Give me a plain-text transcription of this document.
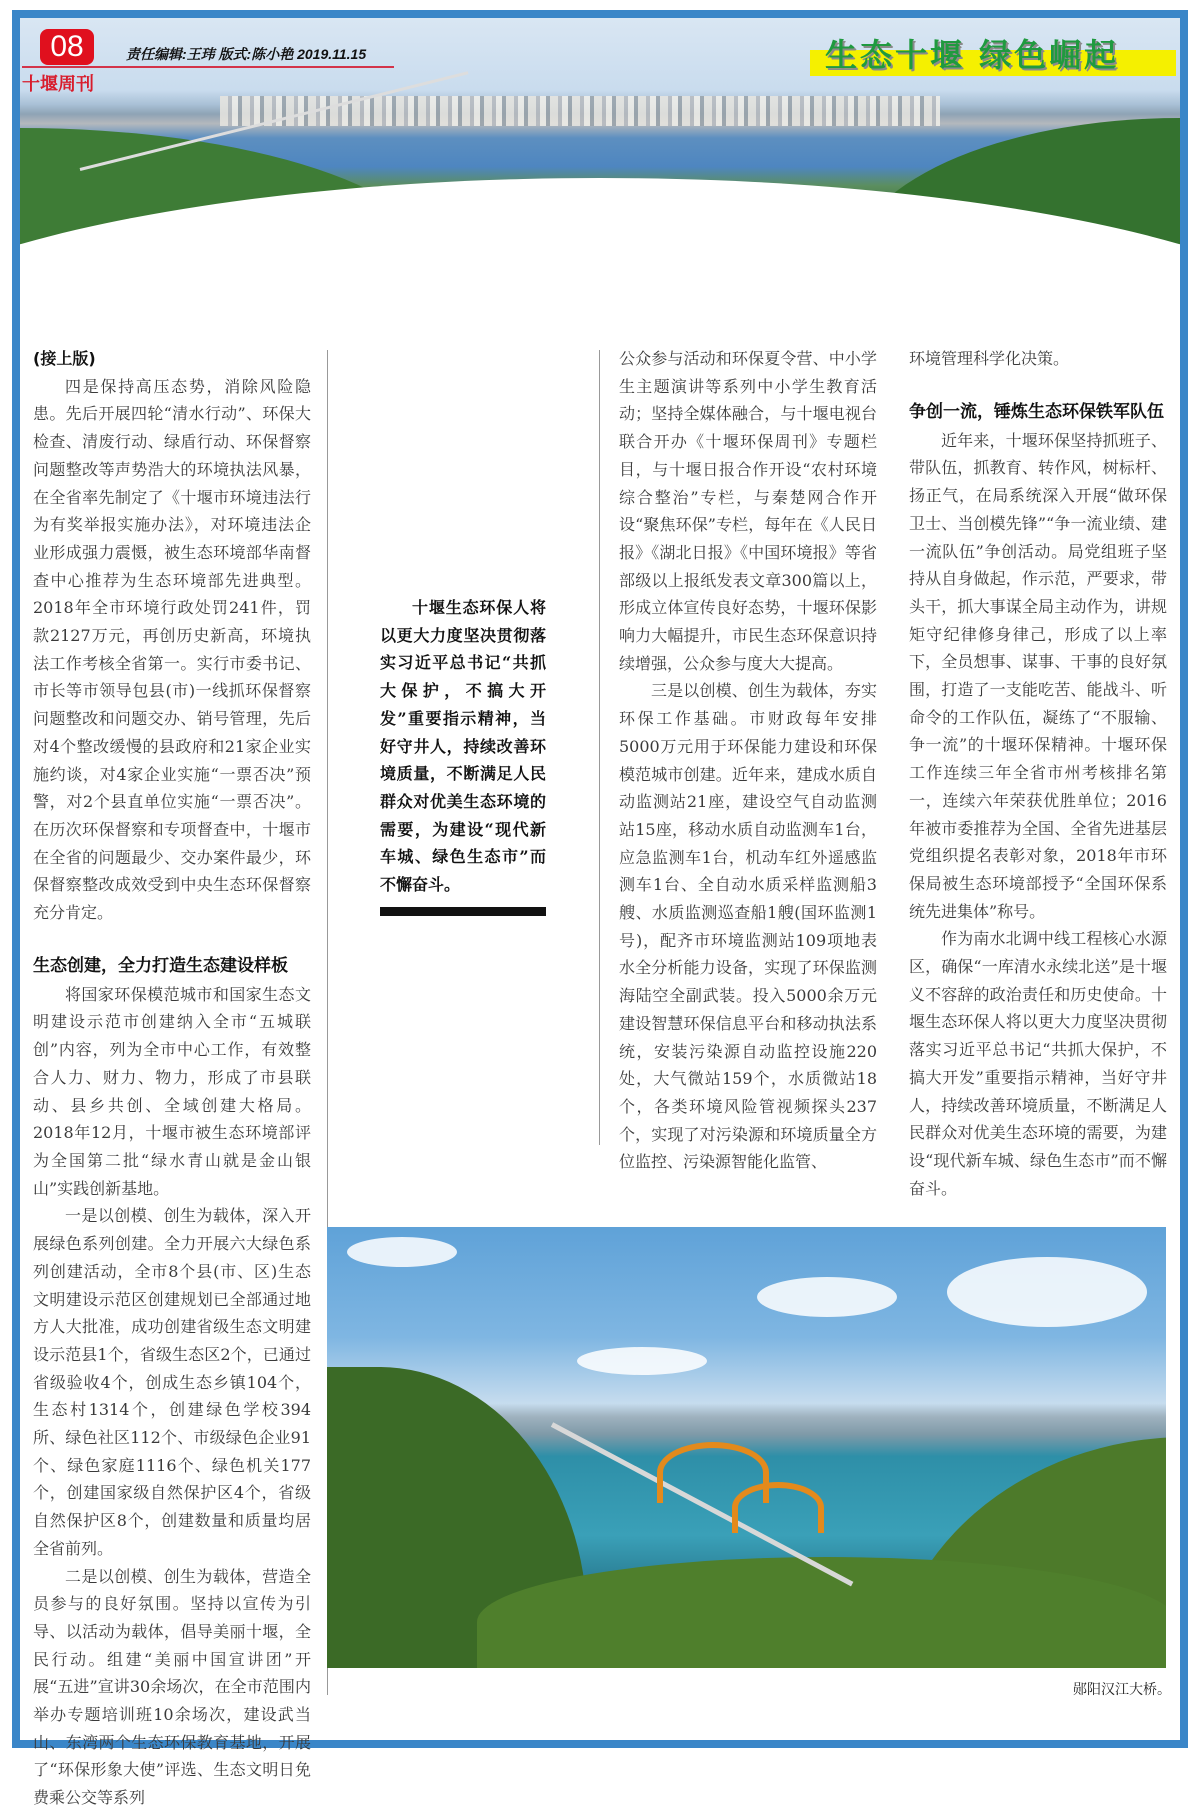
08
十堰周刊
责任编辑:王玮 版式:陈小艳 2019.11.15	生态十堰 绿色崛起

(接上版)

四是保持高压态势，消除风险隐患。先后开展四轮“清水行动”、环保大检查、清废行动、绿盾行动、环保督察问题整改等声势浩大的环境执法风暴，在全省率先制定了《十堰市环境违法行为有奖举报实施办法》，对环境违法企业形成强力震慑，被生态环境部华南督查中心推荐为生态环境部先进典型。2018年全市环境行政处罚241件，罚款2127万元，再创历史新高，环境执法工作考核全省第一。实行市委书记、市长等市领导包县(市)一线抓环保督察问题整改和问题交办、销号管理，先后对4个整改缓慢的县政府和21家企业实施约谈，对4家企业实施“一票否决”预警，对2个县直单位实施“一票否决”。在历次环保督察和专项督查中，十堰市在全省的问题最少、交办案件最少，环保督察整改成效受到中央生态环保督察充分肯定。

生态创建，全力打造生态建设样板

将国家环保模范城市和国家生态文明建设示范市创建纳入全市“五城联创”内容，列为全市中心工作，有效整合人力、财力、物力，形成了市县联动、县乡共创、全域创建大格局。2018年12月，十堰市被生态环境部评为全国第二批“绿水青山就是金山银山”实践创新基地。

一是以创模、创生为载体，深入开展绿色系列创建。全力开展六大绿色系列创建活动，全市8个县(市、区)生态文明建设示范区创建规划已全部通过地方人大批准，成功创建省级生态文明建设示范县1个，省级生态区2个，已通过省级验收4个，创成生态乡镇104个，生态村1314个，创建绿色学校394所、绿色社区112个、市级绿色企业91个、绿色家庭1116个、绿色机关177个，创建国家级自然保护区4个，省级自然保护区8个，创建数量和质量均居全省前列。

二是以创模、创生为载体，营造全员参与的良好氛围。坚持以宣传为引导、以活动为载体，倡导美丽十堰，全民行动。组建“美丽中国宣讲团”开展“五进”宣讲30余场次，在全市范围内举办专题培训班10余场次，建设武当山、东湾两个生态环保教育基地，开展了“环保形象大使”评选、生态文明日免费乘公交等系列

十堰生态环保人将以更大力度坚决贯彻落实习近平总书记“共抓大保护，不搞大开发”重要指示精神，当好守井人，持续改善环境质量，不断满足人民群众对优美生态环境的需要，为建设“现代新车城、绿色生态市”而不懈奋斗。

公众参与活动和环保夏令营、中小学生主题演讲等系列中小学生教育活动；坚持全媒体融合，与十堰电视台联合开办《十堰环保周刊》专题栏目，与十堰日报合作开设“农村环境综合整治”专栏，与秦楚网合作开设“聚焦环保”专栏，每年在《人民日报》《湖北日报》《中国环境报》等省部级以上报纸发表文章300篇以上，形成立体宣传良好态势，十堰环保影响力大幅提升，市民生态环保意识持续增强，公众参与度大大提高。

三是以创模、创生为载体，夯实环保工作基础。市财政每年安排5000万元用于环保能力建设和环保模范城市创建。近年来，建成水质自动监测站21座，建设空气自动监测站15座，移动水质自动监测车1台，应急监测车1台，机动车红外遥感监测车1台、全自动水质采样监测船3艘、水质监测巡查船1艘(国环监测1号)，配齐市环境监测站109项地表水全分析能力设备，实现了环保监测海陆空全副武装。投入5000余万元建设智慧环保信息平台和移动执法系统，安装污染源自动监控设施220处，大气微站159个，水质微站18个，各类环境风险管视频探头237个，实现了对污染源和环境质量全方位监控、污染源智能化监管、

环境管理科学化决策。

争创一流，锤炼生态环保铁军队伍

近年来，十堰环保坚持抓班子、带队伍，抓教育、转作风，树标杆、扬正气，在局系统深入开展“做环保卫士、当创模先锋”“争一流业绩、建一流队伍”争创活动。局党组班子坚持从自身做起，作示范，严要求，带头干，抓大事谋全局主动作为，讲规矩守纪律修身律己，形成了以上率下，全员想事、谋事、干事的良好氛围，打造了一支能吃苦、能战斗、听命令的工作队伍，凝练了“不服输、争一流”的十堰环保精神。十堰环保工作连续三年全省市州考核排名第一，连续六年荣获优胜单位；2016年被市委推荐为全国、全省先进基层党组织提名表彰对象，2018年市环保局被生态环境部授予“全国环保系统先进集体”称号。

作为南水北调中线工程核心水源区，确保“一库清水永续北送”是十堰义不容辞的政治责任和历史使命。十堰生态环保人将以更大力度坚决贯彻落实习近平总书记“共抓大保护，不搞大开发”重要指示精神，当好守井人，持续改善环境质量，不断满足人民群众对优美生态环境的需要，为建设“现代新车城、绿色生态市”而不懈奋斗。

郧阳汉江大桥。
